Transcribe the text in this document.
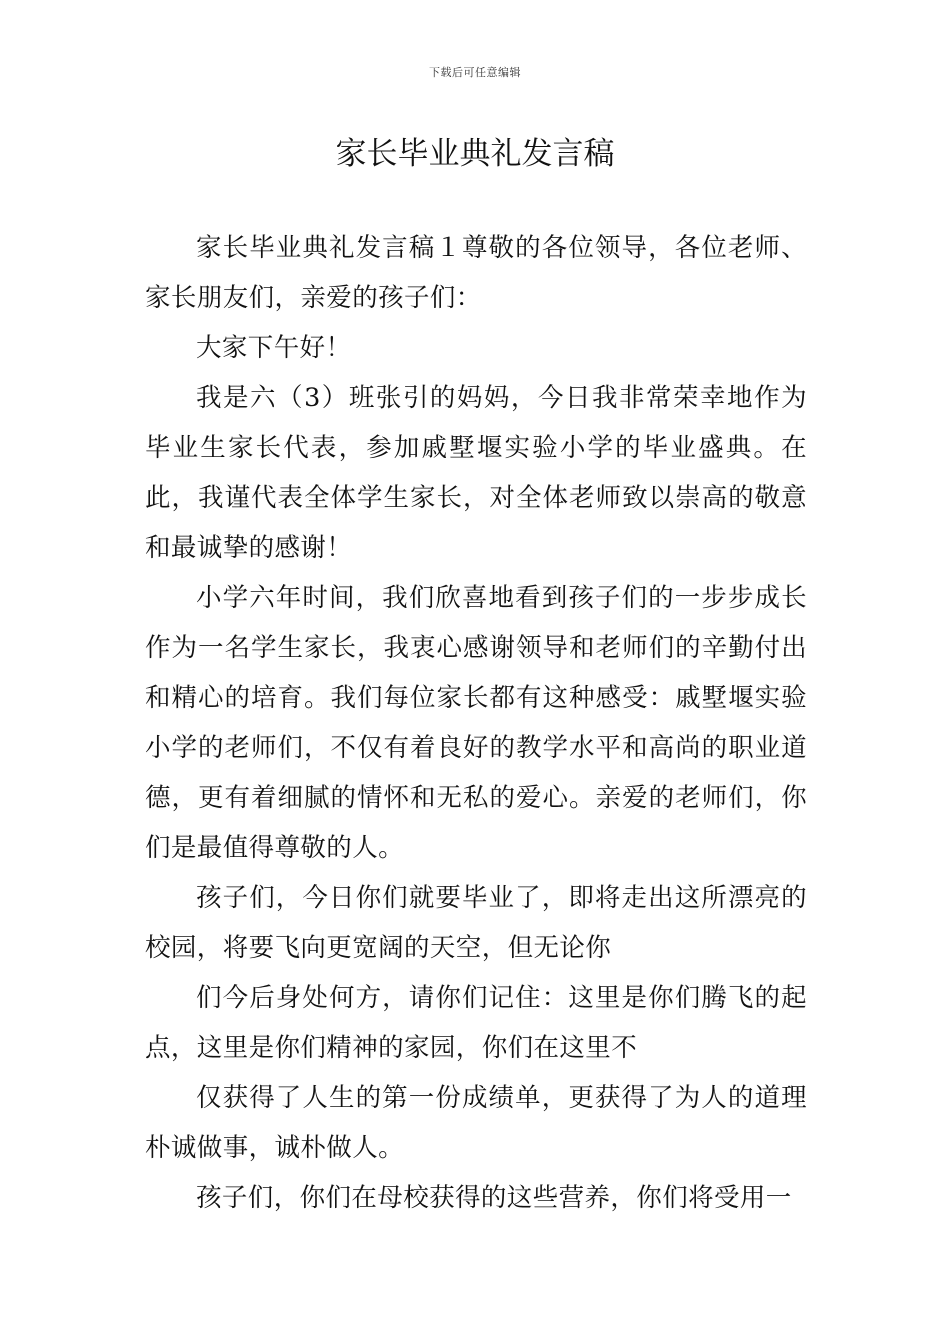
下载后可任意编辑
家长毕业典礼发言稿

家长毕业典礼发言稿１尊敬的各位领导，各位老师、家长朋友们，亲爱的孩子们：

大家下午好！

我是六（3）班张引的妈妈，今日我非常荣幸地作为毕业生家长代表，参加戚墅堰实验小学的毕业盛典。在此，我谨代表全体学生家长，对全体老师致以崇高的敬意和最诚挚的感谢！

小学六年时间，我们欣喜地看到孩子们的一步步成长作为一名学生家长，我衷心感谢领导和老师们的辛勤付出和精心的培育。我们每位家长都有这种感受：戚墅堰实验小学的老师们，不仅有着良好的教学水平和高尚的职业道德，更有着细腻的情怀和无私的爱心。亲爱的老师们，你们是最值得尊敬的人。

孩子们，今日你们就要毕业了，即将走出这所漂亮的校园，将要飞向更宽阔的天空，但无论你

们今后身处何方，请你们记住：这里是你们腾飞的起点，这里是你们精神的家园，你们在这里不

仅获得了人生的第一份成绩单，更获得了为人的道理朴诚做事，诚朴做人。

孩子们，你们在母校获得的这些营养，你们将受用一
